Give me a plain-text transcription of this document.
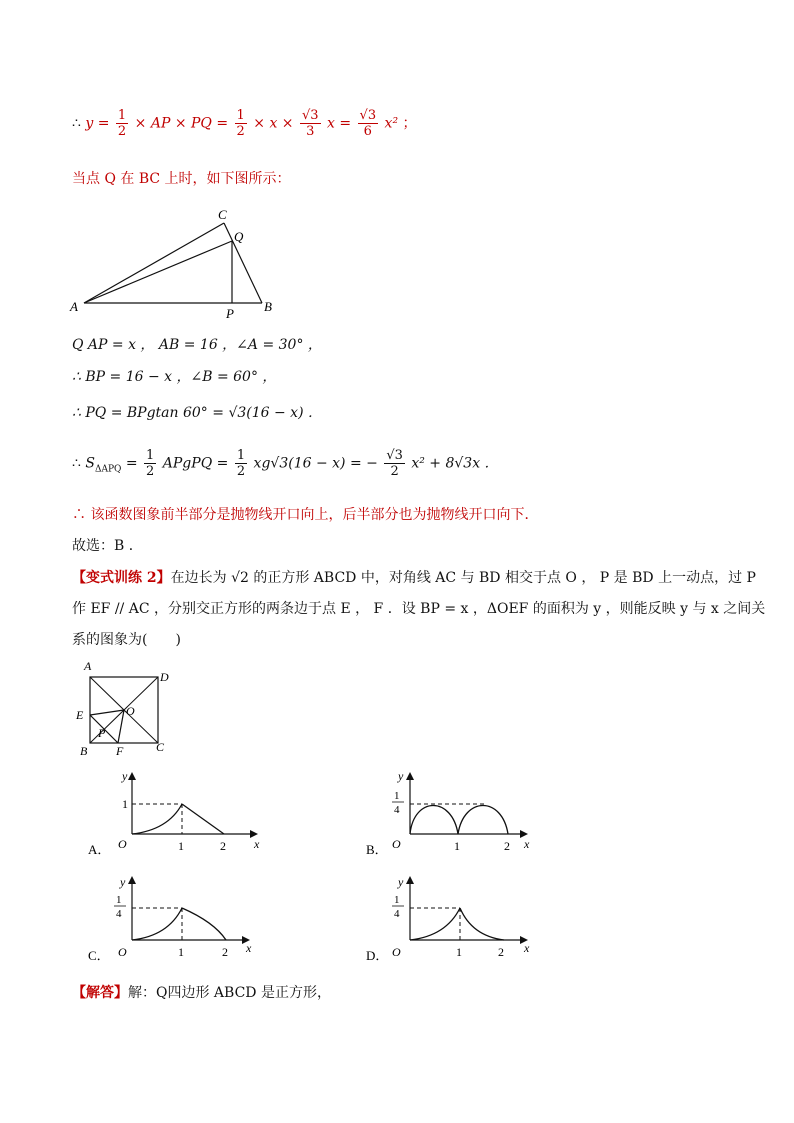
∴ $y = \frac{1}{2}$ × AP × PQ = $\frac{1}{2} \times x \times \frac{√3}{3}$ $x = \frac{√3}{6} x^2$ ；
当点 Q 在 BC 上时，如下图所示：
A	B
C
Q
P
Q AP = x ， AB = 16 ，∠A = 30° ，
∴ BP = 16 − x ，∠B = 60° ，
∴ PQ = BPgtan 60° = √3(16 − x) ．
∴ $S_{\Delta APQ} = \frac{1}{2}$ APgPQ = $\frac{1}{2} xg√3(16 - x)$ = − $\frac{√3}{2} x^2 + 8√3x$ ．
∴ 该函数图象前半部分是抛物线开口向上，后半部分也为抛物线开口向下．
故选：B ．
【变式训练 2】在边长为 √2 的正方形 ABCD 中，对角线 AC 与 BD 相交于点 O ， P 是 BD 上一动点，过 P
作 EF // AC ，分别交正方形的两条边于点 E ， F ．设 BP = x ，ΔOEF 的面积为 y ，则能反映 y 与 x 之间关
系的图象为(　　)
A
D
E	O
P
B F	C
A．
y
x
O	1	2
1
B．
y
x
O	1	2
1
4
C．
y
x
O	1	2
1
4
D．
y
x
O	1	2
1
4
【解答】解：Q四边形 ABCD 是正方形，
